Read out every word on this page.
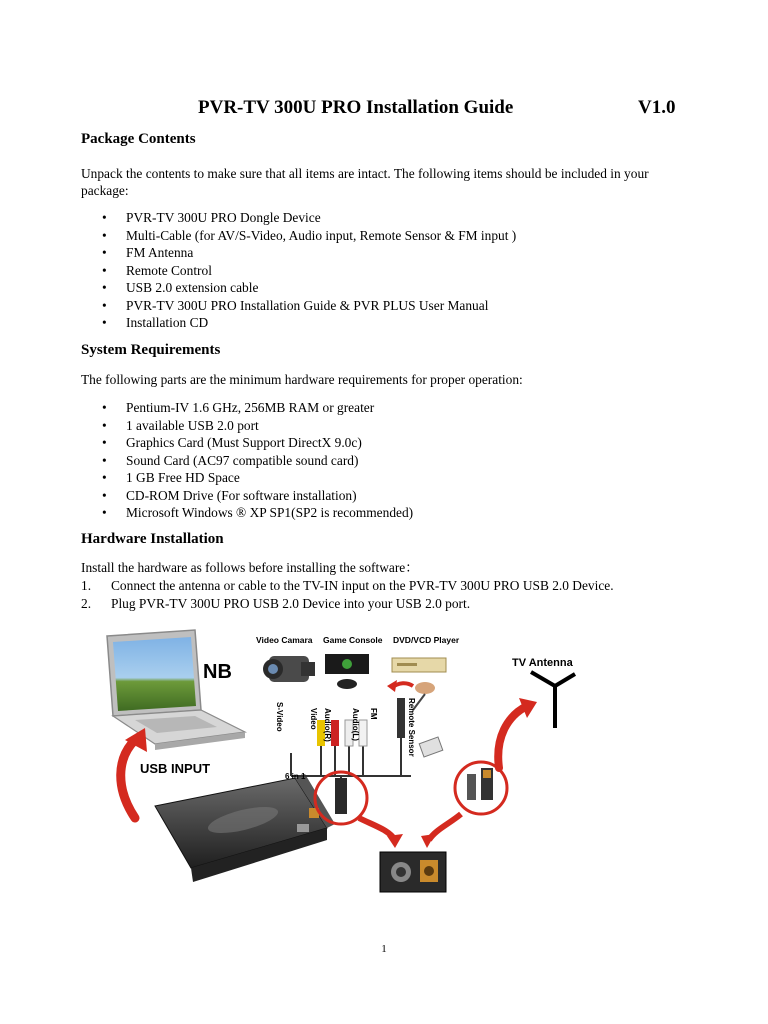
PVR-TV 300U PRO Installation Guide	V1.0
Package Contents

Unpack the contents to make sure that all items are intact. The following items should be included in your package:

• PVR-TV 300U PRO Dongle Device
• Multi-Cable (for AV/S-Video, Audio input, Remote Sensor & FM input )
• FM Antenna
• Remote Control
• USB 2.0 extension cable
• PVR-TV 300U PRO Installation Guide & PVR PLUS User Manual
• Installation CD
System Requirements

The following parts are the minimum hardware requirements for proper operation:

• Pentium-IV 1.6 GHz, 256MB RAM or greater
• 1 available USB 2.0 port
• Graphics Card (Must Support DirectX 9.0c)
• Sound Card (AC97 compatible sound card)
• 1 GB Free HD Space
• CD-ROM Drive (For software installation)
• Microsoft Windows ® XP SP1(SP2 is recommended)
Hardware Installation

Install the hardware as follows before installing the software：

1. Connect the antenna or cable to the TV-IN input on the PVR-TV 300U PRO USB 2.0 Device.
2. Plug PVR-TV 300U PRO USB 2.0 Device into your USB 2.0 port.
NB
USB INPUT
Video Camara Game Console DVD/VCD Player
S-Video	Video Audio(R) Audio(L) FM	Remote Sensor
6 in 1
TV Antenna
1
